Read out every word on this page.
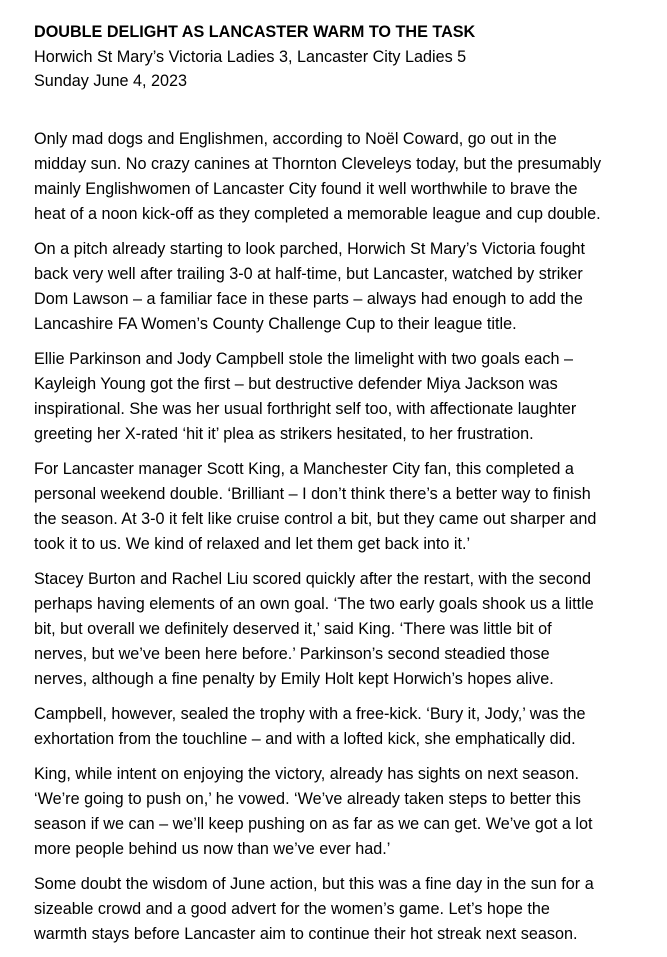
DOUBLE DELIGHT AS LANCASTER WARM TO THE TASK
Horwich St Mary’s Victoria Ladies 3, Lancaster City Ladies 5
Sunday June 4, 2023

Only mad dogs and Englishmen, according to Noël Coward, go out in the
midday sun. No crazy canines at Thornton Cleveleys today, but the presumably
mainly Englishwomen of Lancaster City found it well worthwhile to brave the
heat of a noon kick-off as they completed a memorable league and cup double.

On a pitch already starting to look parched, Horwich St Mary’s Victoria fought
back very well after trailing 3-0 at half-time, but Lancaster, watched by striker
Dom Lawson – a familiar face in these parts – always had enough to add the
Lancashire FA Women’s County Challenge Cup to their league title.

Ellie Parkinson and Jody Campbell stole the limelight with two goals each –
Kayleigh Young got the first – but destructive defender Miya Jackson was
inspirational. She was her usual forthright self too, with affectionate laughter
greeting her X-rated ‘hit it’ plea as strikers hesitated, to her frustration.

For Lancaster manager Scott King, a Manchester City fan, this completed a
personal weekend double. ‘Brilliant – I don’t think there’s a better way to finish
the season. At 3-0 it felt like cruise control a bit, but they came out sharper and
took it to us. We kind of relaxed and let them get back into it.’

Stacey Burton and Rachel Liu scored quickly after the restart, with the second
perhaps having elements of an own goal. ‘The two early goals shook us a little
bit, but overall we definitely deserved it,’ said King. ‘There was little bit of
nerves, but we’ve been here before.’ Parkinson’s second steadied those
nerves, although a fine penalty by Emily Holt kept Horwich’s hopes alive.

Campbell, however, sealed the trophy with a free-kick. ‘Bury it, Jody,’ was the
exhortation from the touchline – and with a lofted kick, she emphatically did.

King, while intent on enjoying the victory, already has sights on next season.
‘We’re going to push on,’ he vowed. ‘We’ve already taken steps to better this
season if we can – we’ll keep pushing on as far as we can get. We’ve got a lot
more people behind us now than we’ve ever had.’

Some doubt the wisdom of June action, but this was a fine day in the sun for a
sizeable crowd and a good advert for the women’s game. Let’s hope the
warmth stays before Lancaster aim to continue their hot streak next season.
